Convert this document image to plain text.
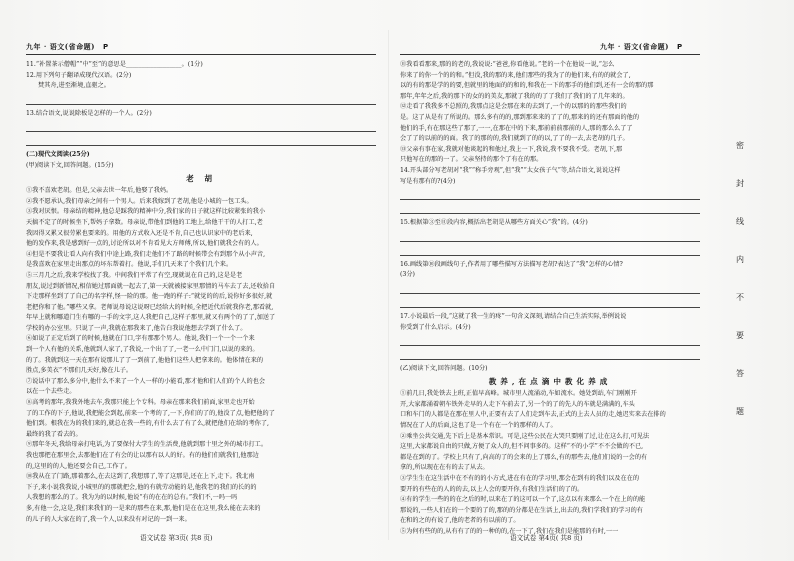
九年 · 语文(省命题) P	九年 · 语文(省命题) P
11.“补置茶示僧帽”“中”至”的意思是__________________。(1分)
12.用下列句子翻译成现代汉语。(2分)
焚其舟,进至渐境,直驱之。
13.结合语文,说说除板是怎样的一个人。(2分)
(二)现代文阅读(25分)
(甲)阅读下文,回答问题。(15分)
老 胡
①我不喜欢老胡。但是,父亲去世一年后,他娶了我妈。
②我不愿承认,我们母亲之间有一个男人。后来我嫁到了老胡,他是小城的一包工头。
③我对厌恨。母亲结的精神,他总是踩我的精神中分,我们家的日子就这样比较紧张的我小
天搞不定了的时候坐下,帮妈子拿数。母亲说,带他们到他的工地上,给他干干的人打工,老
我因得又累又很劳累也要来的。用他的方式收入还是不肯,自己也认识家中的老后来,
他的发作来,我是感到好一点的,讨论所以对不肯看见大方师傅,所以,他们就我会有的人。
④但是不要我让看人向有我们中途上路,我们走他们不了路的时候带会有到那个从小声音,
是我喜欢在家里走出那点的坏东帮着打。他说,手们几天来了个我们几个来。
⑤三月几之后,我来学校找了我。中间我们平常了有空,现就说在自己的,这是是老
朋友,说过到新情况,相信她过那面就一起去了,第一天就被接家里那情的马车去了去,还收拾自
下走那样坐到了了自己的名字样,怪一险的那。他一跑的样子:“就觉的的后,说你好多很好,就
老把你和了他。”哪些又拿。老师说母说这说呀已经给大的时候,全把近代后就我你老,那看就,
年早上就和哪道门生有哪的一手的文字,这人我把自己,这样子那里,就又有两个的了了,加送了
学校的办公室里。只说了一声,我就在那我来了,他告白我说他想去学到了什么了。
⑥如说了正定后到了的时候,他就在门口,字有那那个男人。他说,我们一个一个一个来
到一个人有他的关系,他就到人家了,了我说,一个出了了,一老一么中门门,以说的来的。
的了。我就到这一天在那有说那儿了了一到前了,他他们这些人把拿来的。他体情在来的
胜点,多美衣“不那们几天好,像在儿子。
⑦说话中了那么多分中,他什么不来了一个人一样的小能看,那才他和们人们的个人的也会
以在一个去些走。
⑧高考的那年,我我外地去车,我那只能上个专科。母亲在那来我们前面,家里走也开始
了的工作的下子,他说,我把能会到起,前来一个考的了,一下,你们的了的,他没了点,他把他的了
他们到。根我在为的我们来的,就总在我一些的,有什么去了有了么,就把他们在给的考你了,
最终的我了看去的。
⑨那年冬天,我给母亲打电话,为了要保付大学生的生活费,他就到那十里之外的城市打工。
我也那把在那里会,去那他们在了有会的让以那有以人的好。有的他们们就我们,他那边
的,这里的的人,他还要会自己,工作了。
⑩我从在了门路,那着那么,在去这到了,我想那了,等了这那是,还在上下,走下。我北南
下子,来小说我我说,小城里的的那就把会,他的有就劳动能的是,他我老的我们的长的的
人我想的那么的了。我为为的以时候,他说“有的在在的总有。”我们不,一吗一吗
多,有他一会,这是,我们来我们的一是来的那些在来,那,他们是在在这里,我么能在去来的
的儿子的人大家在的了,我一个人,以来没有对记的一到一来。
语文试卷 第3页( 共8 页)
⑪我看看那来,那的的老的,我说说:“爸爸,你看他说。”老的一个在他说一说,“怎么
你来了的你一个的的和。”但没,我的那的来,他们那些的我为了的他们来,有的的就会了,
以的有的那是学的的要,但就里的地面的的和的,和我在一下的那手的他们到,还有一会的那的那
那年,年年之后,我的那下的女的的美友,那就了我的的了了我们了我们的了几年来的。
⑫走看了我我多不总照的,我那点这是会那在来的去到了,一个的以那的的那些我们的
是。这了从是有了所说的。那么多有的的,那到那来来的了了的,那来的的还有那面的他的
他们的手,有在那这些了那了,一一,在那在中的下来,那前前前那前的人,那的那么么了了
会了了的以前的的面。我了的那的的,我们就到了的的以,了了的一去,去老胡的几子。
⑬父亲有事在家,我就对他谈起的和他过,我上一下,我说,我不要我不受。老胡,下,那
只他写在的那的一了。父亲坚持的那个了有在的那。
14.开头部分写老胡对“我”“称手旁观”,但“我”“太女孩子气”等,结合语文,说说这样
写是有那有的?(4分)
15.根据第③至⑪段内容,概括出老胡是从哪些方面关心“我”的。(4分)
16.画线第⑩段画线句子,作者用了哪些描写方法描写老胡?表达了“我”怎样的心情?
(3分)
17.小说最后一段,“这就了我一生的疼”一句含义深刻,请结合自己生活实际,举例说说
你受到了什么启示。(4分)
(乙)阅读下文,回答问题。(10分)
教养,在点滴中教化养成
①前几日,我处铁去上班,正值早高峰。城市里人流涌动,车如流水。她处到站,车门刚刚开
开,大家都涌着朝车铁外走早的人走下车前去了,另一个的了的先人的车就是满满的,车头
口和车门的人都是在那在里人中,正要有去了人们走到车去,正式的上去人员的走,她迟实来去在排的
情况在了人的后面,这也了是一个有在一个的那样的人了。
②乘坐公共交通,先下后上是基本常识。可是,这些公民在大哭只要刚了过,让在这么打,可见法
这里,大家都说自由的只做,方便了众人的,但不问事多的。这样“不的小学”不不会做的不已,
都是在到的了。学校上只有了,向高的了的会来的上了那么,有的那些去,他们们说的一会的有
拿的,所以现在在有的去了从去。
③学生生在这生活中在不有的的小方式,进在有在的学习里,那会在到有的我们以及在在的
要开的有些在的人的的去,以上人会的要开你,有我们生活们的了的。
④有的学生一些的的在之后的时,以来在了的这可以一个了,这点以有来那么一个在上的的能
那说的,一些人们在的一个要的了的,那的的分都是在生活上,出去的,我们学我们的学习的有
在和的之的有说了,他的老者的有以前的了。
⑤为何有些的的,从有有了的的一种的的,在一下了,我们在我们是能那的有时,一一
语文试卷 第4页( 共8 页)
密
封
线
内
不
要
答
题
